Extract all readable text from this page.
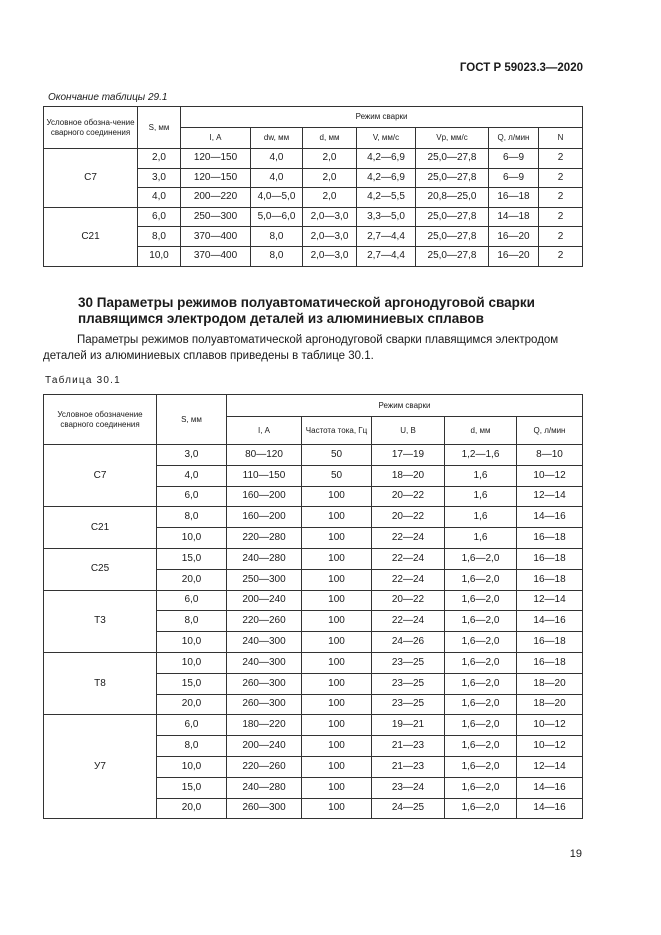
ГОСТ Р 59023.3—2020
Окончание таблицы 29.1
Условное обозна-чение сварного соединения	S, мм	Режим сварки						
		I, А	dw, мм	d, мм	V, мм/с	Vp, мм/с	Q, л/мин	N
С7	2,0	120—150	4,0	2,0	4,2—6,9	25,0—27,8	6—9	2
	3,0	120—150	4,0	2,0	4,2—6,9	25,0—27,8	6—9	2
	4,0	200—220	4,0—5,0	2,0	4,2—5,5	20,8—25,0	16—18	2
С21	6,0	250—300	5,0—6,0	2,0—3,0	3,3—5,0	25,0—27,8	14—18	2
	8,0	370—400	8,0	2,0—3,0	2,7—4,4	25,0—27,8	16—20	2
	10,0	370—400	8,0	2,0—3,0	2,7—4,4	25,0—27,8	16—20	2
30 Параметры режимов полуавтоматической аргонодуговой сварки плавящимся электродом деталей из алюминиевых сплавов
Параметры режимов полуавтоматической аргонодуговой сварки плавящимся электродом деталей из алюминиевых сплавов приведены в таблице 30.1.
Таблица 30.1
Условное обозначение сварного соединения	S, мм	Режим сварки				
		I, А	Частота тока, Гц	U, В	d, мм	Q, л/мин
С7	3,0	80—120	50	17—19	1,2—1,6	8—10
	4,0	110—150	50	18—20	1,6	10—12
	6,0	160—200	100	20—22	1,6	12—14
С21	8,0	160—200	100	20—22	1,6	14—16
	10,0	220—280	100	22—24	1,6	16—18
С25	15,0	240—280	100	22—24	1,6—2,0	16—18
	20,0	250—300	100	22—24	1,6—2,0	16—18
Т3	6,0	200—240	100	20—22	1,6—2,0	12—14
	8,0	220—260	100	22—24	1,6—2,0	14—16
	10,0	240—300	100	24—26	1,6—2,0	16—18
Т8	10,0	240—300	100	23—25	1,6—2,0	16—18
	15,0	260—300	100	23—25	1,6—2,0	18—20
	20,0	260—300	100	23—25	1,6—2,0	18—20
У7	6,0	180—220	100	19—21	1,6—2,0	10—12
	8,0	200—240	100	21—23	1,6—2,0	10—12
	10,0	220—260	100	21—23	1,6—2,0	12—14
	15,0	240—280	100	23—24	1,6—2,0	14—16
	20,0	260—300	100	24—25	1,6—2,0	14—16
19
